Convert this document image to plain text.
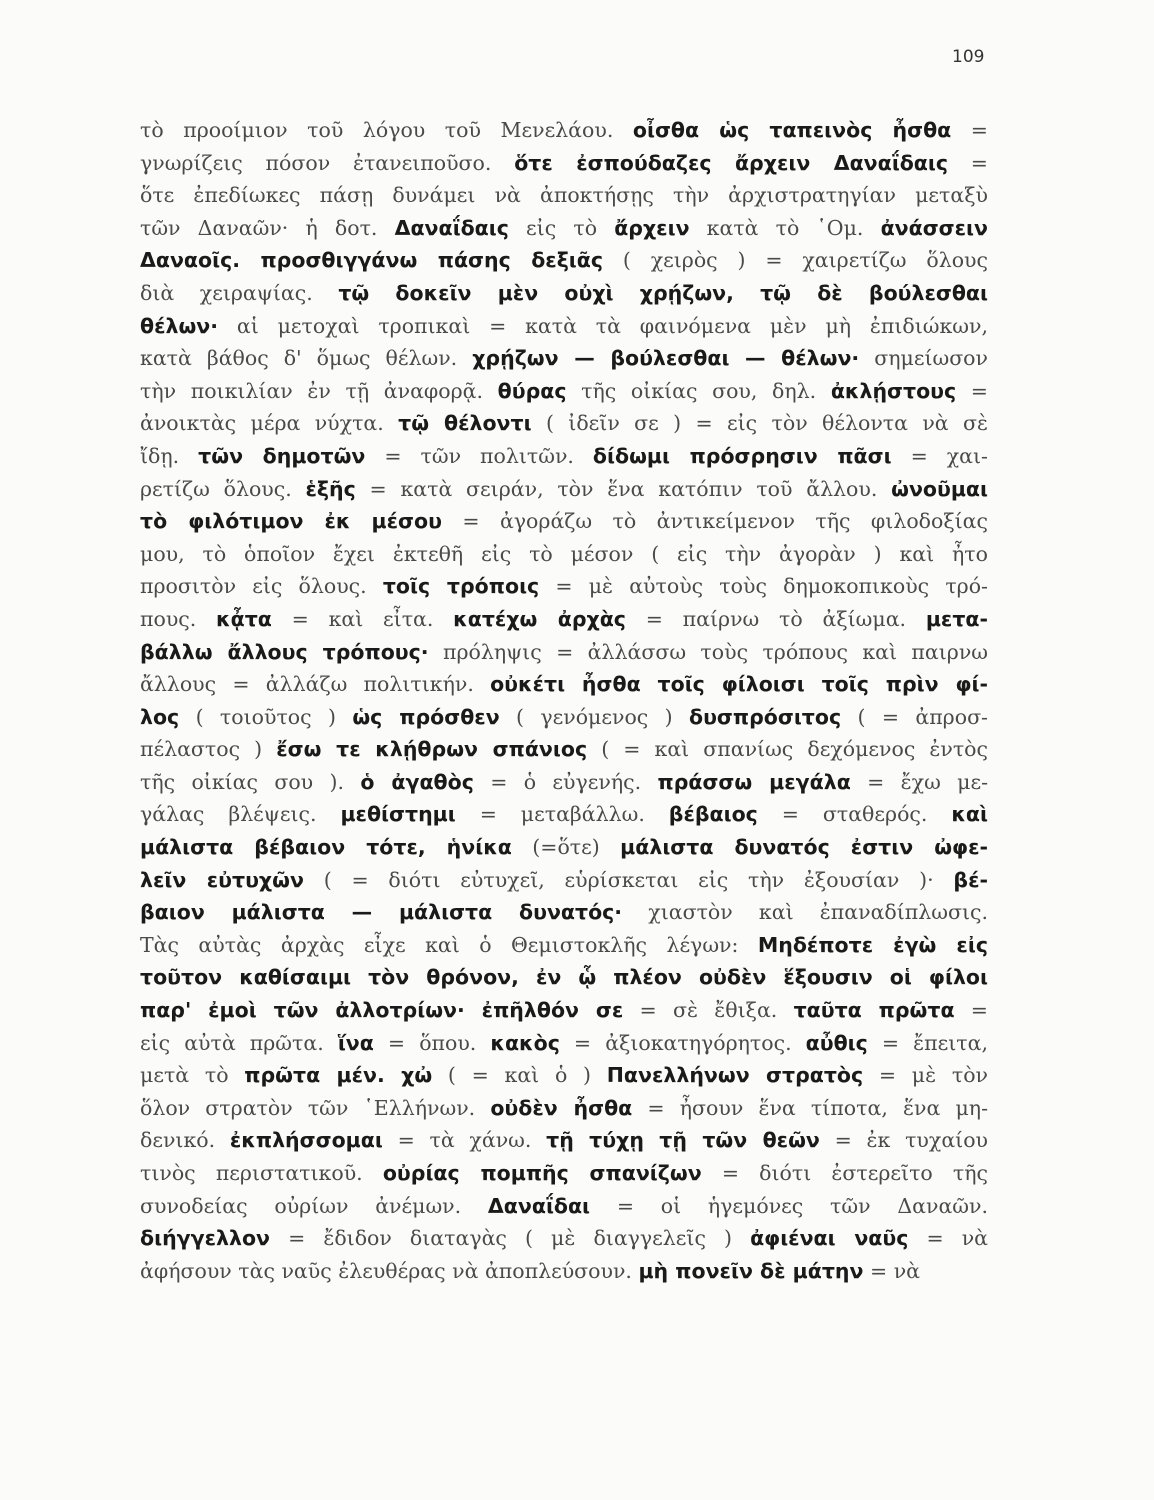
109
τὸ προοίμιον τοῦ λόγου τοῦ Μενελάου. οἶσθα ὡς ταπεινὸς ἦσθα =
γνωρίζεις πόσον ἐτανειποῦσο. ὅτε ἐσπούδαζες ἄρχειν Δαναΐδαις =
ὅτε ἐπεδίωκες πάσῃ δυνάμει νὰ ἀποκτήσῃς τὴν ἀρχιστρατηγίαν μεταξὺ
τῶν Δαναῶν· ἡ δοτ. Δαναΐδαις εἰς τὸ ἄρχειν κατὰ τὸ ῾Ομ. ἀνάσσειν
Δαναοῖς. προσθιγγάνω πάσης δεξιᾶς ( χειρὸς ) = χαιρετίζω ὅλους
διὰ χειραψίας. τῷ δοκεῖν μὲν οὐχὶ χρῄζων, τῷ δὲ βούλεσθαι
θέλων· αἱ μετοχαὶ τροπικαὶ = κατὰ τὰ φαινόμενα μὲν μὴ ἐπιδιώκων,
κατὰ βάθος δ' ὅμως θέλων. χρῄζων — βούλεσθαι — θέλων· σημείωσον
τὴν ποικιλίαν ἐν τῇ ἀναφορᾷ. θύρας τῆς οἰκίας σου, δηλ. ἀκλῄστους =
ἀνοικτὰς μέρα νύχτα. τῷ θέλοντι ( ἰδεῖν σε ) = εἰς τὸν θέλοντα νὰ σὲ
ἴδῃ. τῶν δημοτῶν = τῶν πολιτῶν. δίδωμι πρόσρησιν πᾶσι = χαι-
ρετίζω ὅλους. ἑξῆς = κατὰ σειράν, τὸν ἕνα κατόπιν τοῦ ἄλλου. ὠνοῦμαι
τὸ φιλότιμον ἐκ μέσου = ἀγοράζω τὸ ἀντικείμενον τῆς φιλοδοξίας
μου, τὸ ὁποῖον ἔχει ἐκτεθῆ εἰς τὸ μέσον ( εἰς τὴν ἀγορὰν ) καὶ ἦτο
προσιτὸν εἰς ὅλους. τοῖς τρόποις = μὲ αὐτοὺς τοὺς δημοκοπικοὺς τρό-
πους. κᾆτα = καὶ εἶτα. κατέχω ἀρχὰς = παίρνω τὸ ἀξίωμα. μετα-
βάλλω ἄλλους τρόπους· πρόληψις = ἀλλάσσω τοὺς τρόπους καὶ παιρνω
ἄλλους = ἀλλάζω πολιτικήν. οὐκέτι ἦσθα τοῖς φίλοισι τοῖς πρὶν φί-
λος ( τοιοῦτος ) ὡς πρόσθεν ( γενόμενος ) δυσπρόσιτος ( = ἀπροσ-
πέλαστος ) ἔσω τε κλῄθρων σπάνιος ( = καὶ σπανίως δεχόμενος ἐντὸς
τῆς οἰκίας σου ). ὁ ἀγαθὸς = ὁ εὐγενής. πράσσω μεγάλα = ἔχω με-
γάλας βλέψεις. μεθίστημι = μεταβάλλω. βέβαιος = σταθερός. καὶ
μάλιστα βέβαιον τότε, ἡνίκα (=ὅτε) μάλιστα δυνατός ἐστιν ὠφε-
λεῖν εὐτυχῶν ( = διότι εὐτυχεῖ, εὑρίσκεται εἰς τὴν ἐξουσίαν )· βέ-
βαιον μάλιστα — μάλιστα δυνατός· χιαστὸν καὶ ἐπαναδίπλωσις.
Τὰς αὐτὰς ἀρχὰς εἶχε καὶ ὁ Θεμιστοκλῆς λέγων: Μηδέποτε ἐγὼ εἰς
τοῦτον καθίσαιμι τὸν θρόνον, ἐν ᾧ πλέον οὐδὲν ἕξουσιν οἱ φίλοι
παρ' ἐμοὶ τῶν ἀλλοτρίων· ἐπῆλθόν σε = σὲ ἔθιξα. ταῦτα πρῶτα =
εἰς αὐτὰ πρῶτα. ἵνα = ὅπου. κακὸς = ἀξιοκατηγόρητος. αὖθις = ἔπειτα,
μετὰ τὸ πρῶτα μέν. χὠ ( = καὶ ὁ ) Πανελλήνων στρατὸς = μὲ τὸν
ὅλον στρατὸν τῶν ῾Ελλήνων. οὐδὲν ἦσθα = ἦσουν ἕνα τίποτα, ἕνα μη-
δενικό. ἐκπλήσσομαι = τὰ χάνω. τῇ τύχῃ τῇ τῶν θεῶν = ἐκ τυχαίου
τινὸς περιστατικοῦ. οὐρίας πομπῆς σπανίζων = διότι ἐστερεῖτο τῆς
συνοδείας οὐρίων ἀνέμων. Δαναΐδαι = οἱ ἡγεμόνες τῶν Δαναῶν.
διήγγελλον = ἔδιδον διαταγὰς ( μὲ διαγγελεῖς ) ἀφιέναι ναῦς = νὰ
ἀφήσουν τὰς ναῦς ἐλευθέρας νὰ ἀποπλεύσουν. μὴ πονεῖν δὲ μάτην = νὰ
